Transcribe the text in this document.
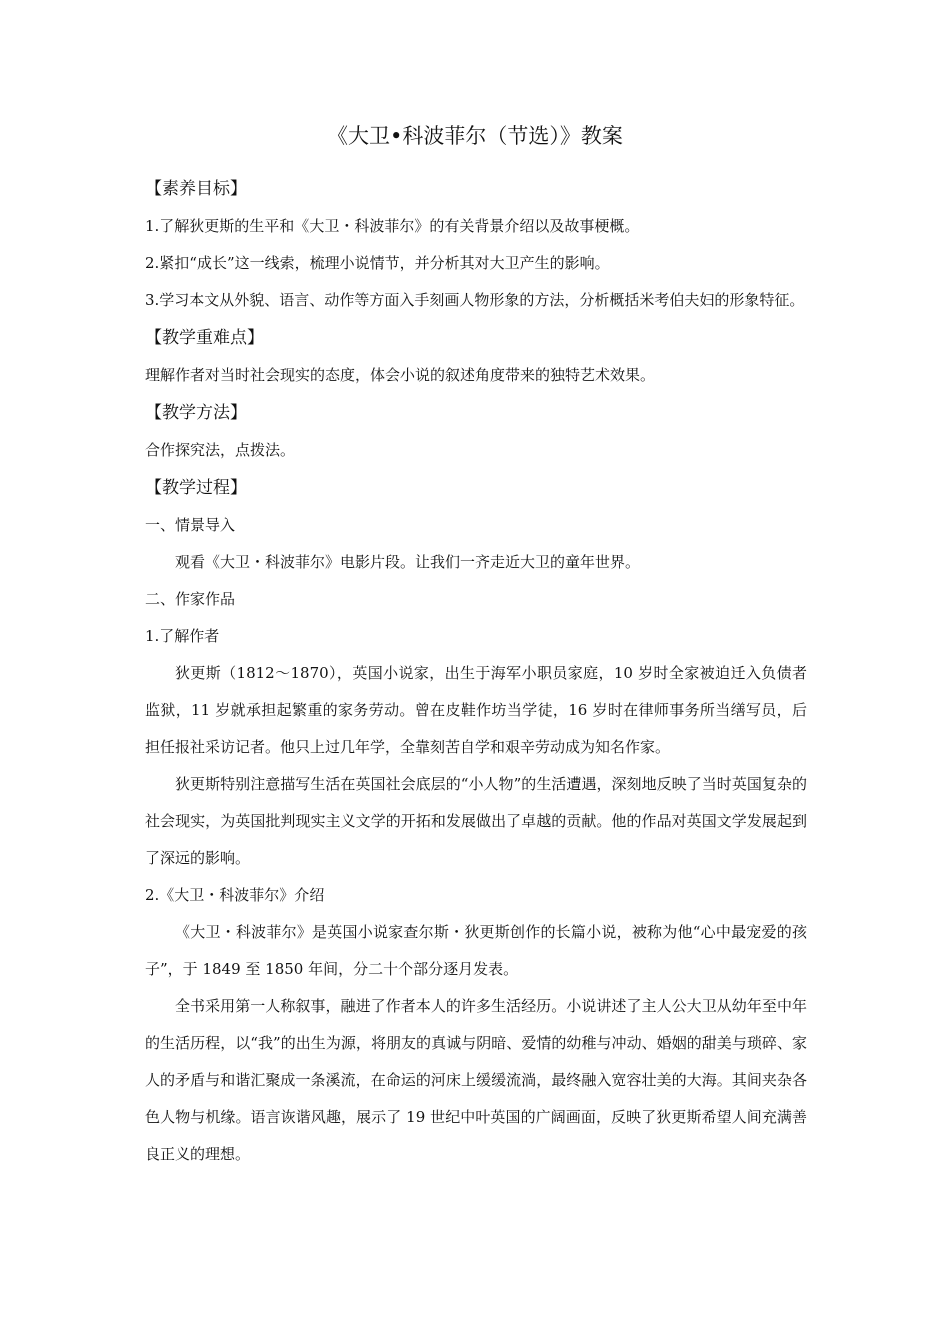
《大卫•科波菲尔（节选）》教案
【素养目标】

1.了解狄更斯的生平和《大卫・科波菲尔》的有关背景介绍以及故事梗概。

2.紧扣“成长”这一线索，梳理小说情节，并分析其对大卫产生的影响。

3.学习本文从外貌、语言、动作等方面入手刻画人物形象的方法，分析概括米考伯夫妇的形象特征。

【教学重难点】

理解作者对当时社会现实的态度，体会小说的叙述角度带来的独特艺术效果。

【教学方法】

合作探究法，点拨法。

【教学过程】

一、情景导入

观看《大卫・科波菲尔》电影片段。让我们一齐走近大卫的童年世界。

二、作家作品

1.了解作者

狄更斯（1812～1870），英国小说家，出生于海军小职员家庭，10 岁时全家被迫迁入负债者监狱，11 岁就承担起繁重的家务劳动。曾在皮鞋作坊当学徒，16 岁时在律师事务所当缮写员，后担任报社采访记者。他只上过几年学，全靠刻苦自学和艰辛劳动成为知名作家。

狄更斯特别注意描写生活在英国社会底层的“小人物”的生活遭遇，深刻地反映了当时英国复杂的社会现实，为英国批判现实主义文学的开拓和发展做出了卓越的贡献。他的作品对英国文学发展起到了深远的影响。

2.《大卫・科波菲尔》介绍

《大卫・科波菲尔》是英国小说家查尔斯・狄更斯创作的长篇小说，被称为他“心中最宠爱的孩子”，于 1849 至 1850 年间，分二十个部分逐月发表。

全书采用第一人称叙事，融进了作者本人的许多生活经历。小说讲述了主人公大卫从幼年至中年的生活历程，以“我”的出生为源，将朋友的真诚与阴暗、爱情的幼稚与冲动、婚姻的甜美与琐碎、家人的矛盾与和谐汇聚成一条溪流，在命运的河床上缓缓流淌，最终融入宽容壮美的大海。其间夹杂各色人物与机缘。语言诙谐风趣，展示了 19 世纪中叶英国的广阔画面，反映了狄更斯希望人间充满善良正义的理想。
